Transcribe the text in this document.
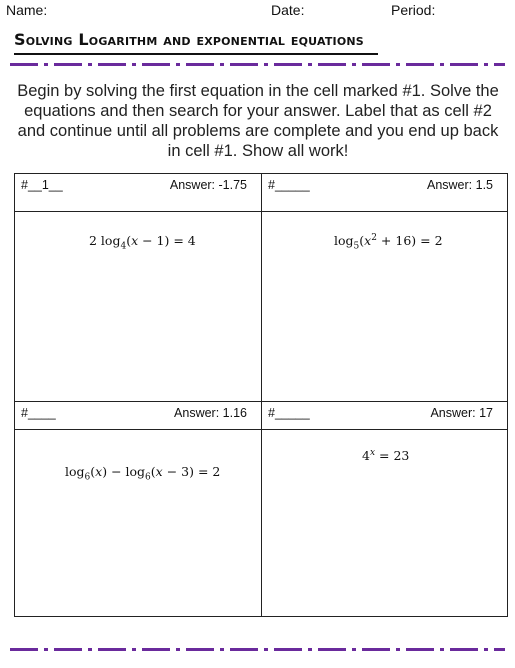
Name:	Date:	Period:
Solving Logarithm and exponential equations
Begin by solving the first equation in the cell marked #1. Solve the equations and then search for your answer. Label that as cell #2 and continue until all problems are complete and you end up back in cell #1. Show all work!
#__1__	Answer: -1.75
2 $\log_4(x - 1) = 4$
#_____	Answer: 1.5
$\log_5(x^2 + 16) = 2$
#____	Answer: 1.16
$\log_6(x) - \log_6(x - 3) = 2$
#_____	Answer: 17
$4^x = 23$
